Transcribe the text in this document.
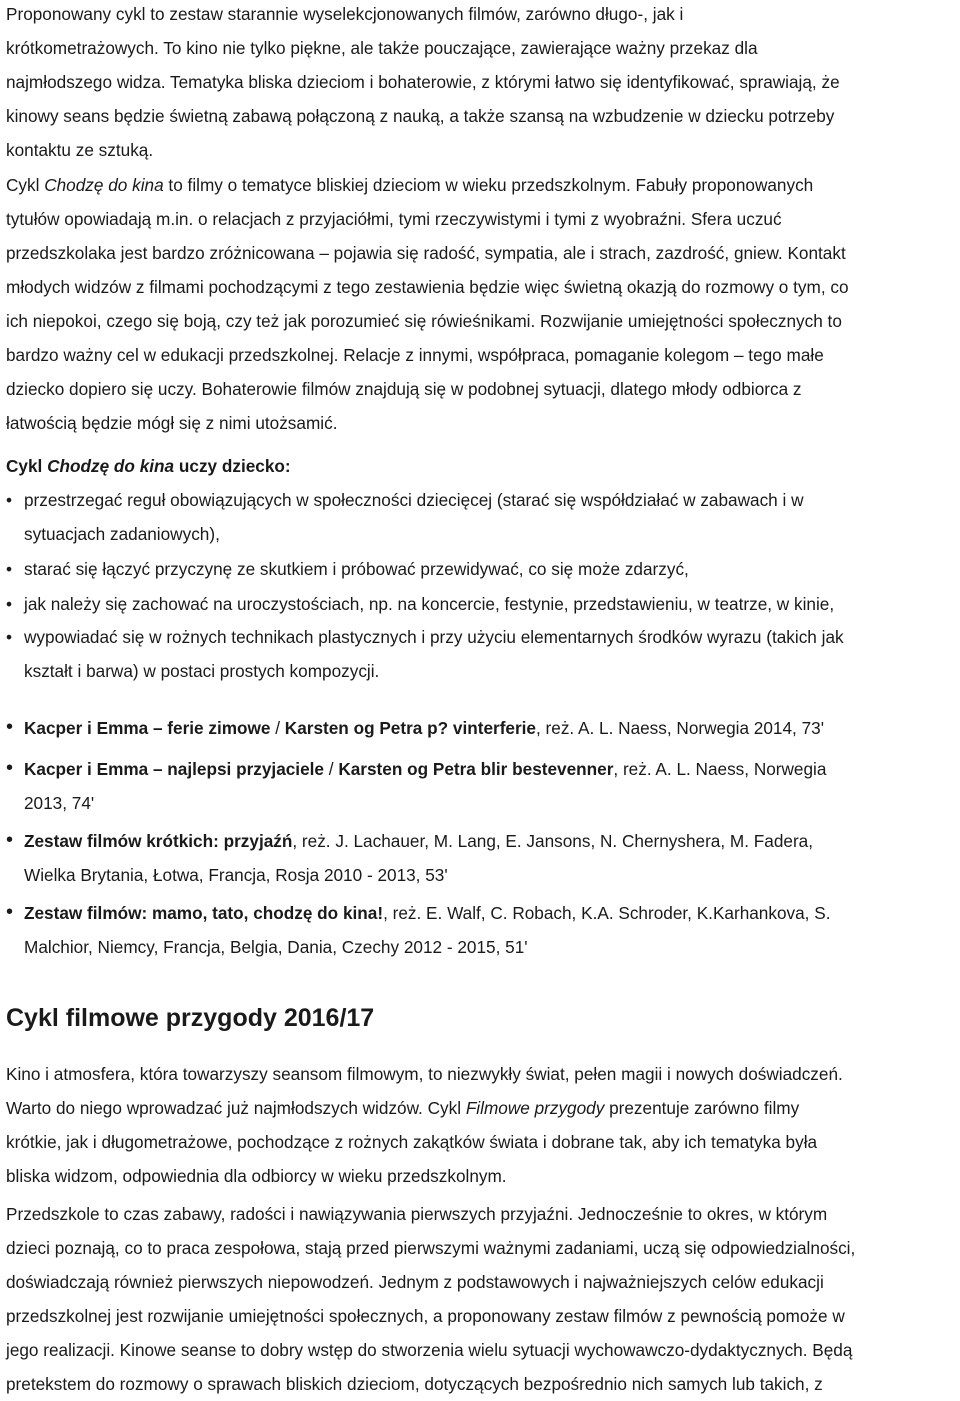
Proponowany cykl to zestaw starannie wyselekcjonowanych filmów, zarówno długo-, jak i
krótkometrażowych. To kino nie tylko piękne, ale także pouczające, zawierające ważny przekaz dla
najmłodszego widza. Tematyka bliska dzieciom i bohaterowie, z którymi łatwo się identyfikować, sprawiają, że
kinowy seans będzie świetną zabawą połączoną z nauką, a także szansą na wzbudzenie w dziecku potrzeby
kontaktu ze sztuką.
Cykl Chodzę do kina to filmy o tematyce bliskiej dzieciom w wieku przedszkolnym. Fabuły proponowanych
tytułów opowiadają m.in. o relacjach z przyjaciółmi, tymi rzeczywistymi i tymi z wyobraźni. Sfera uczuć
przedszkolaka jest bardzo zróżnicowana – pojawia się radość, sympatia, ale i strach, zazdrość, gniew. Kontakt
młodych widzów z filmami pochodzącymi z tego zestawienia będzie więc świetną okazją do rozmowy o tym, co
ich niepokoi, czego się boją, czy też jak porozumieć się rówieśnikami. Rozwijanie umiejętności społecznych to
bardzo ważny cel w edukacji przedszkolnej. Relacje z innymi, współpraca, pomaganie kolegom – tego małe
dziecko dopiero się uczy. Bohaterowie filmów znajdują się w podobnej sytuacji, dlatego młody odbiorca z
łatwością będzie mógł się z nimi utożsamić.
Cykl Chodzę do kina uczy dziecko:
• przestrzegać reguł obowiązujących w społeczności dziecięcej (starać się współdziałać w zabawach i w
sytuacjach zadaniowych),
• starać się łączyć przyczynę ze skutkiem i próbować przewidywać, co się może zdarzyć,
• jak należy się zachować na uroczystościach, np. na koncercie, festynie, przedstawieniu, w teatrze, w kinie,
• wypowiadać się w rożnych technikach plastycznych i przy użyciu elementarnych środków wyrazu (takich jak
kształt i barwa) w postaci prostych kompozycji.
• Kacper i Emma – ferie zimowe / Karsten og Petra p? vinterferie, reż. A. L. Naess, Norwegia 2014, 73'
• Kacper i Emma – najlepsi przyjaciele / Karsten og Petra blir bestevenner, reż. A. L. Naess, Norwegia
2013, 74'
• Zestaw filmów krótkich: przyjaźń, reż. J. Lachauer, M. Lang, E. Jansons, N. Chernyshera, M. Fadera,
Wielka Brytania, Łotwa, Francja, Rosja 2010 - 2013, 53'
• Zestaw filmów: mamo, tato, chodzę do kina!, reż. E. Walf, C. Robach, K.A. Schroder, K.Karhankova, S.
Malchior, Niemcy, Francja, Belgia, Dania, Czechy 2012 - 2015, 51'
Cykl filmowe przygody 2016/17
Kino i atmosfera, która towarzyszy seansom filmowym, to niezwykły świat, pełen magii i nowych doświadczeń.
Warto do niego wprowadzać już najmłodszych widzów. Cykl Filmowe przygody prezentuje zarówno filmy
krótkie, jak i długometrażowe, pochodzące z rożnych zakątków świata i dobrane tak, aby ich tematyka była
bliska widzom, odpowiednia dla odbiorcy w wieku przedszkolnym.
Przedszkole to czas zabawy, radości i nawiązywania pierwszych przyjaźni. Jednocześnie to okres, w którym
dzieci poznają, co to praca zespołowa, stają przed pierwszymi ważnymi zadaniami, uczą się odpowiedzialności,
doświadczają również pierwszych niepowodzeń. Jednym z podstawowych i najważniejszych celów edukacji
przedszkolnej jest rozwijanie umiejętności społecznych, a proponowany zestaw filmów z pewnością pomoże w
jego realizacji. Kinowe seanse to dobry wstęp do stworzenia wielu sytuacji wychowawczo-dydaktycznych. Będą
pretekstem do rozmowy o sprawach bliskich dzieciom, dotyczących bezpośrednio nich samych lub takich, z
